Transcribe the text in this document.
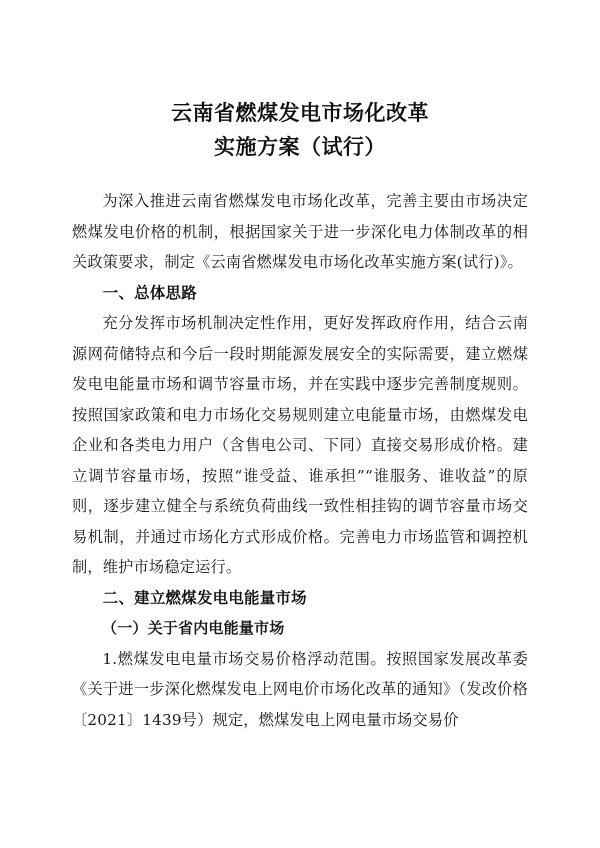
云南省燃煤发电市场化改革
实施方案（试行）

为深入推进云南省燃煤发电市场化改革，完善主要由市场决定燃煤发电价格的机制，根据国家关于进一步深化电力体制改革的相关政策要求，制定《云南省燃煤发电市场化改革实施方案(试行)》。

一、总体思路

充分发挥市场机制决定性作用，更好发挥政府作用，结合云南源网荷储特点和今后一段时期能源发展安全的实际需要，建立燃煤发电电能量市场和调节容量市场，并在实践中逐步完善制度规则。按照国家政策和电力市场化交易规则建立电能量市场，由燃煤发电企业和各类电力用户（含售电公司、下同）直接交易形成价格。建立调节容量市场，按照“谁受益、谁承担”“谁服务、谁收益”的原则，逐步建立健全与系统负荷曲线一致性相挂钩的调节容量市场交易机制，并通过市场化方式形成价格。完善电力市场监管和调控机制，维护市场稳定运行。

二、建立燃煤发电电能量市场

（一）关于省内电能量市场

1.燃煤发电电量市场交易价格浮动范围。按照国家发展改革委《关于进一步深化燃煤发电上网电价市场化改革的通知》（发改价格〔2021〕1439号）规定，燃煤发电上网电量市场交易价
